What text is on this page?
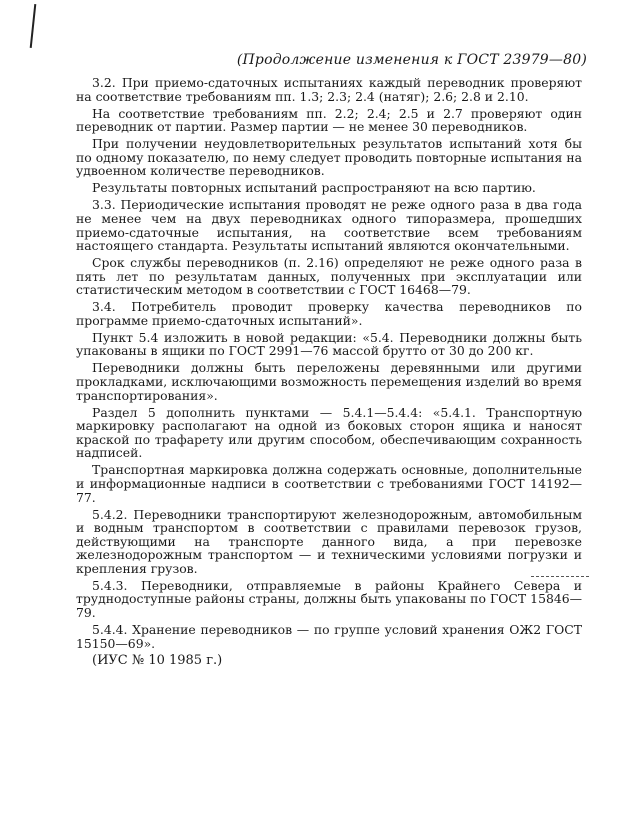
(Продолжение изменения к ГОСТ 23979—80)

3.2. При приемо-сдаточных испытаниях каждый переводник проверяют на соответствие требованиям пп. 1.3; 2.3; 2.4 (натяг); 2.6; 2.8 и 2.10.

На соответствие требованиям пп. 2.2; 2.4; 2.5 и 2.7 проверяют один переводник от партии. Размер партии — не менее 30 переводников.

При получении неудовлетворительных результатов испытаний хотя бы по одному показателю, по нему следует проводить повторные испытания на удвоенном количестве переводников.

Результаты повторных испытаний распространяют на всю партию.

3.3. Периодические испытания проводят не реже одного раза в два года не менее чем на двух переводниках одного типоразмера, прошедших приемо-сдаточные испытания, на соответствие всем требованиям настоящего стандарта. Результаты испытаний являются окончательными.

Срок службы переводников (п. 2.16) определяют не реже одного раза в пять лет по результатам данных, полученных при эксплуатации или статистическим методом в соответствии с ГОСТ 16468—79.

3.4. Потребитель проводит проверку качества переводников по программе приемо-сдаточных испытаний».

Пункт 5.4 изложить в новой редакции: «5.4. Переводники должны быть упакованы в ящики по ГОСТ 2991—76 массой брутто от 30 до 200 кг.

Переводники должны быть переложены деревянными или другими прокладками, исключающими возможность перемещения изделий во время транспортирования».

Раздел 5 дополнить пунктами — 5.4.1—5.4.4: «5.4.1. Транспортную маркировку располагают на одной из боковых сторон ящика и наносят краской по трафарету или другим способом, обеспечивающим сохранность надписей.

Транспортная маркировка должна содержать основные, дополнительные и информационные надписи в соответствии с требованиями ГОСТ 14192—77.

5.4.2. Переводники транспортируют железнодорожным, автомобильным и водным транспортом в соответствии с правилами перевозок грузов, действующими на транспорте данного вида, а при перевозке железнодорожным транспортом — и техническими условиями погрузки и крепления грузов.

5.4.3. Переводники, отправляемые в районы Крайнего Севера и труднодоступные районы страны, должны быть упакованы по ГОСТ 15846—79.

5.4.4. Хранение переводников — по группе условий хранения ОЖ2 ГОСТ 15150—69».

(ИУС № 10 1985 г.)
